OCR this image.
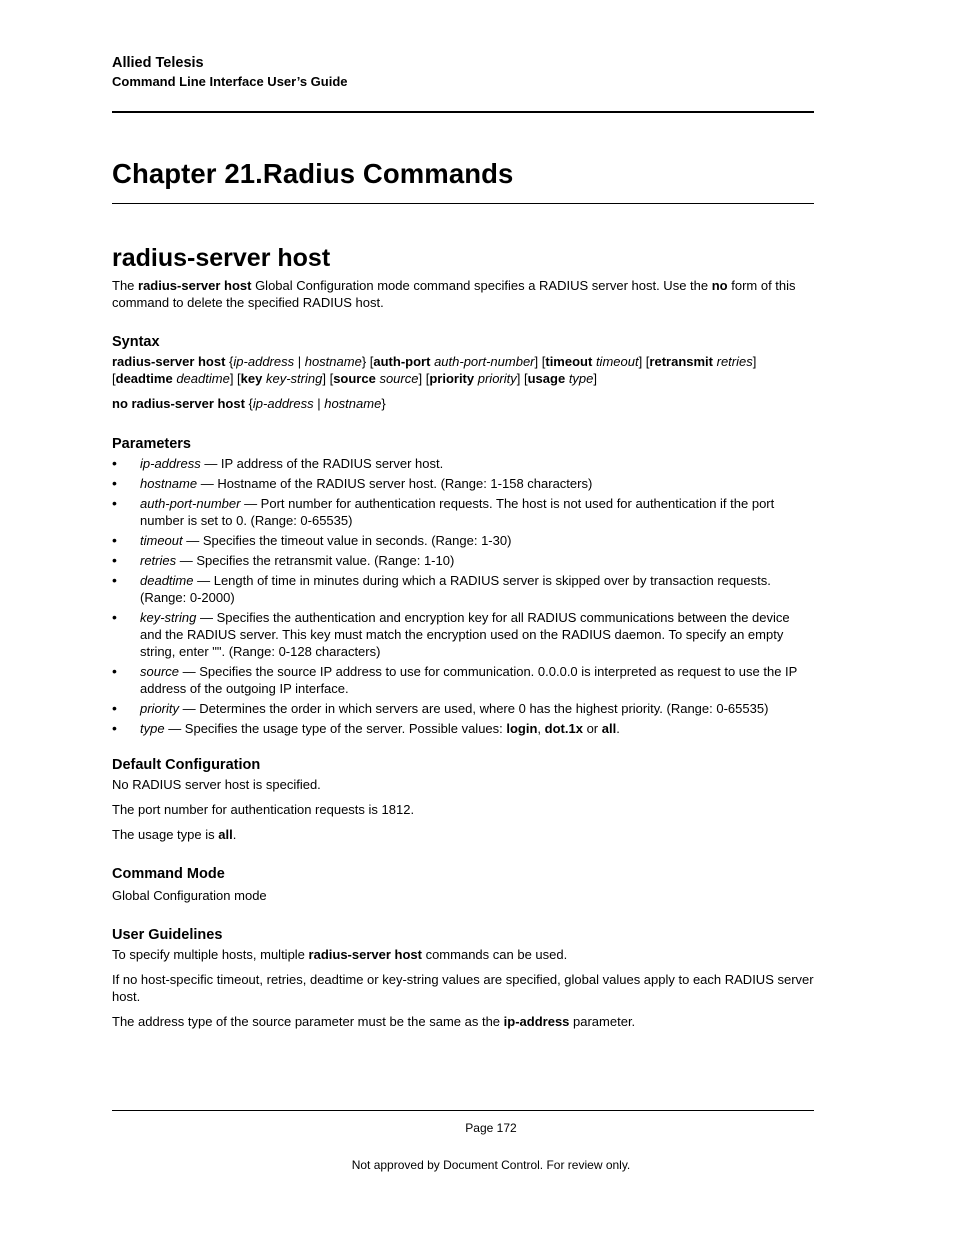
Allied Telesis
Command Line Interface User’s Guide
Chapter 21.Radius Commands
radius-server host

The radius-server host Global Configuration mode command specifies a RADIUS server host. Use the no form of this command to delete the specified RADIUS host.

Syntax

radius-server host {ip-address | hostname} [auth-port auth-port-number] [timeout timeout] [retransmit retries] [deadtime deadtime] [key key-string] [source source] [priority priority] [usage type]

no radius-server host {ip-address | hostname}

Parameters
• ip-address — IP address of the RADIUS server host.
• hostname — Hostname of the RADIUS server host. (Range: 1-158 characters)
• auth-port-number — Port number for authentication requests. The host is not used for authentication if the port number is set to 0. (Range: 0-65535)
• timeout — Specifies the timeout value in seconds. (Range: 1-30)
• retries — Specifies the retransmit value. (Range: 1-10)
• deadtime — Length of time in minutes during which a RADIUS server is skipped over by transaction requests. (Range: 0-2000)
• key-string — Specifies the authentication and encryption key for all RADIUS communications between the device and the RADIUS server. This key must match the encryption used on the RADIUS daemon. To specify an empty string, enter "". (Range: 0-128 characters)
• source — Specifies the source IP address to use for communication. 0.0.0.0 is interpreted as request to use the IP address of the outgoing IP interface.
• priority — Determines the order in which servers are used, where 0 has the highest priority. (Range: 0-65535)
• type — Specifies the usage type of the server. Possible values: login, dot.1x or all.
Default Configuration

No RADIUS server host is specified.

The port number for authentication requests is 1812.

The usage type is all.

Command Mode

Global Configuration mode

User Guidelines

To specify multiple hosts, multiple radius-server host commands can be used.

If no host-specific timeout, retries, deadtime or key-string values are specified, global values apply to each RADIUS server host.

The address type of the source parameter must be the same as the ip-address parameter.

Page 172
Not approved by Document Control. For review only.
